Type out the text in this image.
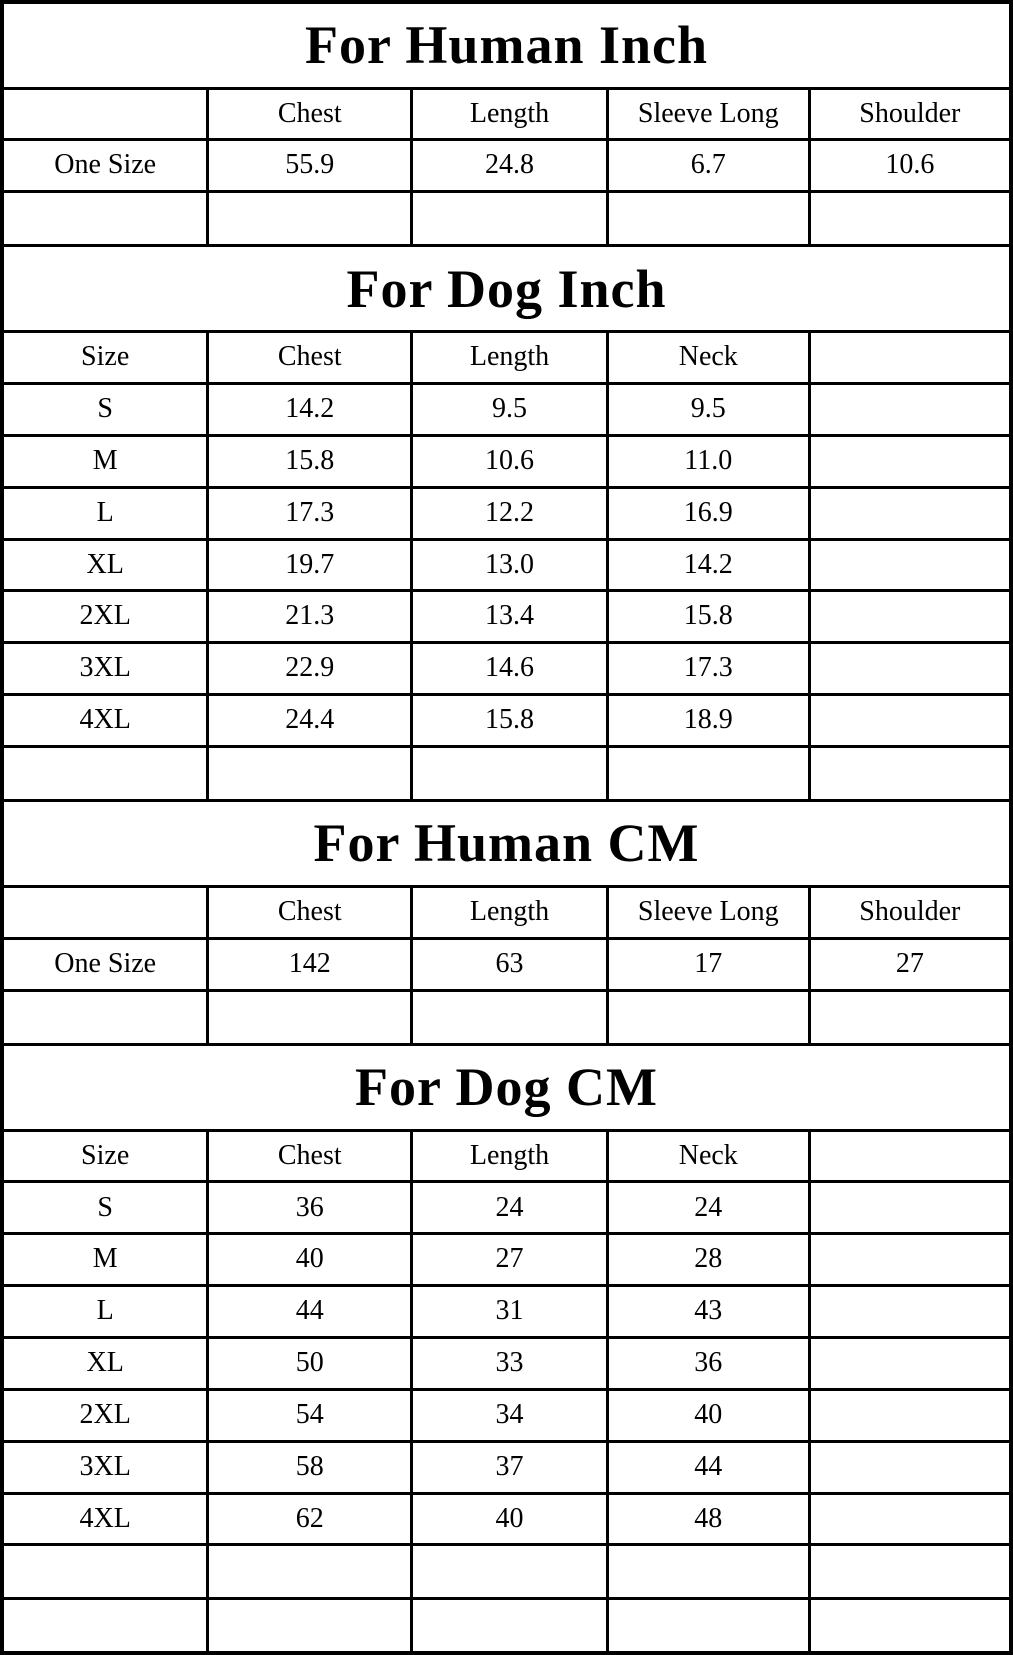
For Human Inch				
	Chest	Length	Sleeve Long	Shoulder
One Size	55.9	24.8	6.7	10.6

For Dog Inch				
Size	Chest	Length	Neck	
S	14.2	9.5	9.5	
M	15.8	10.6	11.0	
L	17.3	12.2	16.9	
XL	19.7	13.0	14.2	
2XL	21.3	13.4	15.8	
3XL	22.9	14.6	17.3	
4XL	24.4	15.8	18.9	

For Human CM				
	Chest	Length	Sleeve Long	Shoulder
One Size	142	63	17	27

For Dog CM				
Size	Chest	Length	Neck	
S	36	24	24	
M	40	27	28	
L	44	31	43	
XL	50	33	36	
2XL	54	34	40	
3XL	58	37	44	
4XL	62	40	48	
